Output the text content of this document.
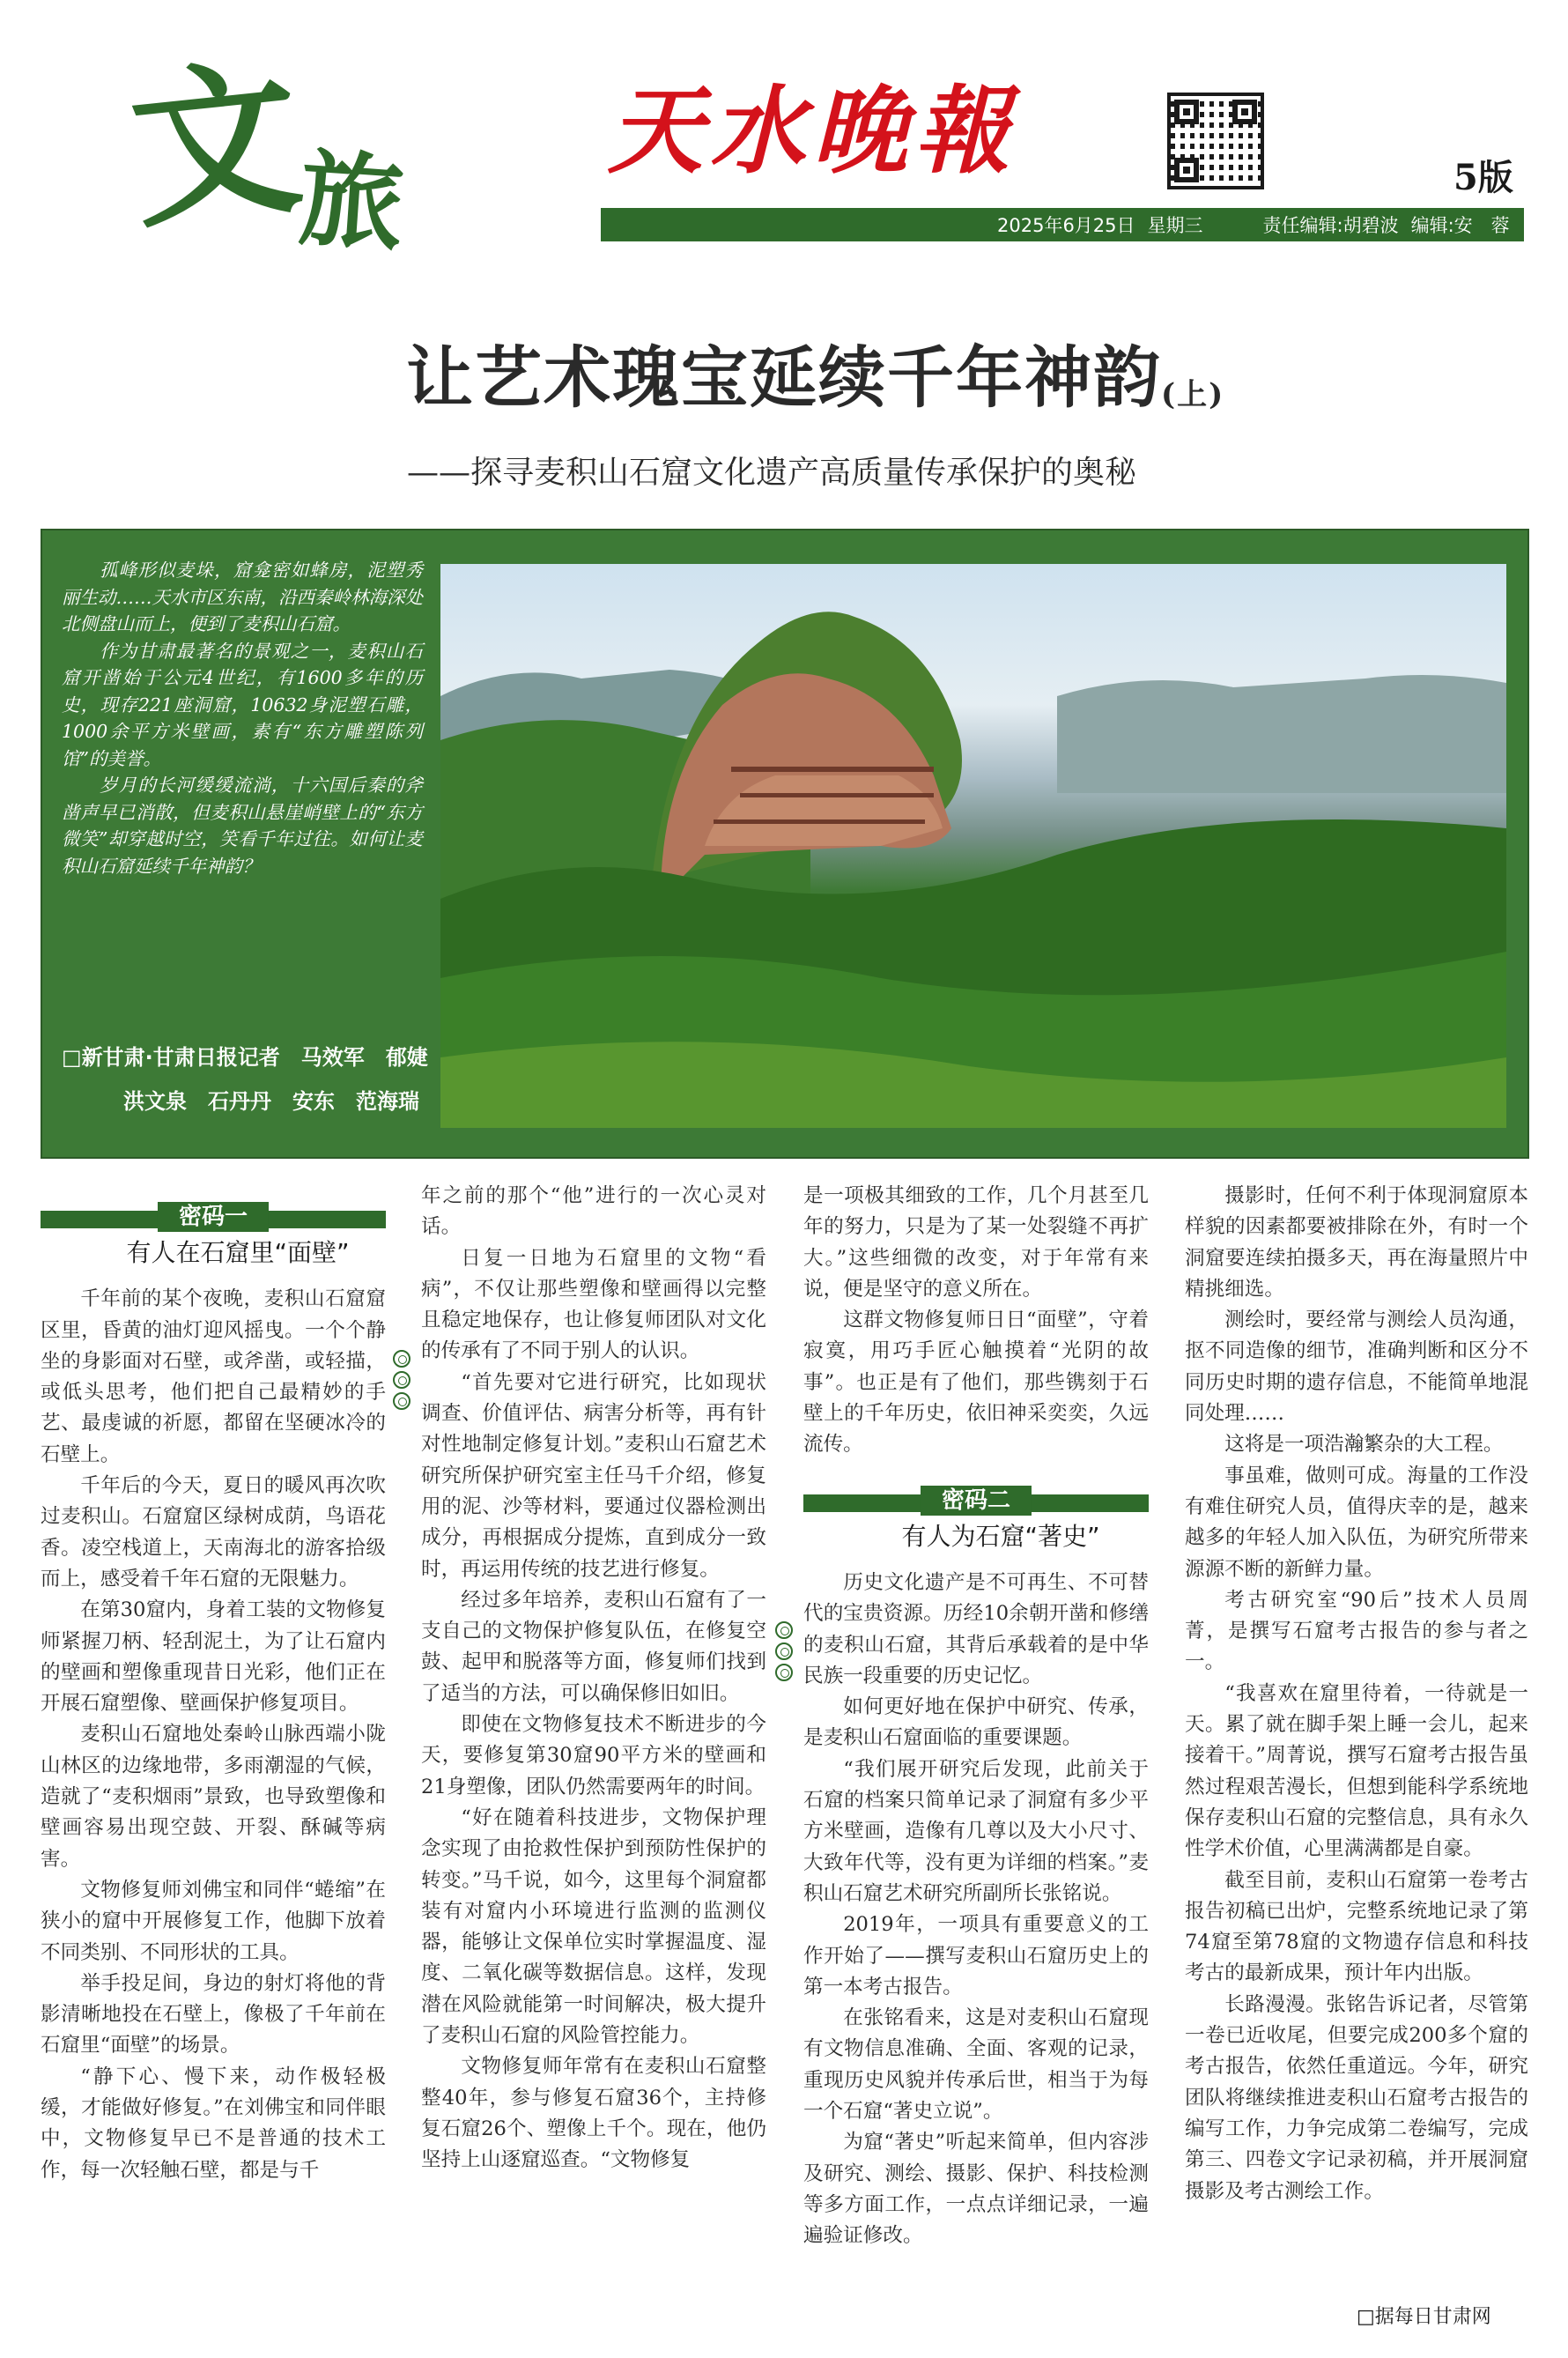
文
旅
天水晚報	5版
2025年6月25日 星期三	责任编辑:胡碧波 编辑:安　蓉
让艺术瑰宝延续千年神韵 (上)
——探寻麦积山石窟文化遗产高质量传承保护的奥秘

孤峰形似麦垛，窟龛密如蜂房，泥塑秀丽生动……天水市区东南，沿西秦岭林海深处北侧盘山而上，便到了麦积山石窟。

作为甘肃最著名的景观之一，麦积山石窟开凿始于公元4世纪，有1600多年的历史，现存221座洞窟，10632身泥塑石雕，1000余平方米壁画，素有“东方雕塑陈列馆”的美誉。

岁月的长河缓缓流淌，十六国后秦的斧凿声早已消散，但麦积山悬崖峭壁上的“东方微笑”却穿越时空，笑看千年过往。如何让麦积山石窟延续千年神韵？

□新甘肃·甘肃日报记者　马效军　郁婕
洪文泉　石丹丹　安东　范海瑞
密码一

有人在石窟里“面壁”

千年前的某个夜晚，麦积山石窟窟区里，昏黄的油灯迎风摇曳。一个个静坐的身影面对石壁，或斧凿，或轻描，或低头思考，他们把自己最精妙的手艺、最虔诚的祈愿，都留在坚硬冰冷的石壁上。

千年后的今天，夏日的暖风再次吹过麦积山。石窟窟区绿树成荫，鸟语花香。凌空栈道上，天南海北的游客拾级而上，感受着千年石窟的无限魅力。

在第30窟内，身着工装的文物修复师紧握刀柄、轻刮泥土，为了让石窟内的壁画和塑像重现昔日光彩，他们正在开展石窟塑像、壁画保护修复项目。

麦积山石窟地处秦岭山脉西端小陇山林区的边缘地带，多雨潮湿的气候，造就了“麦积烟雨”景致，也导致塑像和壁画容易出现空鼓、开裂、酥碱等病害。

文物修复师刘佛宝和同伴“蜷缩”在狭小的窟中开展修复工作，他脚下放着不同类别、不同形状的工具。

举手投足间，身边的射灯将他的背影清晰地投在石壁上，像极了千年前在石窟里“面壁”的场景。

“静下心、慢下来，动作极轻极缓，才能做好修复。”在刘佛宝和同伴眼中，文物修复早已不是普通的技术工作，每一次轻触石壁，都是与千

年之前的那个“他”进行的一次心灵对话。

日复一日地为石窟里的文物“看病”，不仅让那些塑像和壁画得以完整且稳定地保存，也让修复师团队对文化的传承有了不同于别人的认识。

“首先要对它进行研究，比如现状调查、价值评估、病害分析等，再有针对性地制定修复计划。”麦积山石窟艺术研究所保护研究室主任马千介绍，修复用的泥、沙等材料，要通过仪器检测出成分，再根据成分提炼，直到成分一致时，再运用传统的技艺进行修复。

经过多年培养，麦积山石窟有了一支自己的文物保护修复队伍，在修复空鼓、起甲和脱落等方面，修复师们找到了适当的方法，可以确保修旧如旧。

即使在文物修复技术不断进步的今天，要修复第30窟90平方米的壁画和21身塑像，团队仍然需要两年的时间。

“好在随着科技进步，文物保护理念实现了由抢救性保护到预防性保护的转变。”马千说，如今，这里每个洞窟都装有对窟内小环境进行监测的监测仪器，能够让文保单位实时掌握温度、湿度、二氧化碳等数据信息。这样，发现潜在风险就能第一时间解决，极大提升了麦积山石窟的风险管控能力。

文物修复师年常有在麦积山石窟整整40年，参与修复石窟36个，主持修复石窟26个、塑像上千个。现在，他仍坚持上山逐窟巡查。“文物修复

是一项极其细致的工作，几个月甚至几年的努力，只是为了某一处裂缝不再扩大。”这些细微的改变，对于年常有来说，便是坚守的意义所在。

这群文物修复师日日“面壁”，守着寂寞，用巧手匠心触摸着“光阴的故事”。也正是有了他们，那些镌刻于石壁上的千年历史，依旧神采奕奕，久远流传。

密码二

有人为石窟“著史”

历史文化遗产是不可再生、不可替代的宝贵资源。历经10余朝开凿和修缮的麦积山石窟，其背后承载着的是中华民族一段重要的历史记忆。

如何更好地在保护中研究、传承，是麦积山石窟面临的重要课题。

“我们展开研究后发现，此前关于石窟的档案只简单记录了洞窟有多少平方米壁画，造像有几尊以及大小尺寸、大致年代等，没有更为详细的档案。”麦积山石窟艺术研究所副所长张铭说。

2019年，一项具有重要意义的工作开始了——撰写麦积山石窟历史上的第一本考古报告。

在张铭看来，这是对麦积山石窟现有文物信息准确、全面、客观的记录，重现历史风貌并传承后世，相当于为每一个石窟“著史立说”。

为窟“著史”听起来简单，但内容涉及研究、测绘、摄影、保护、科技检测等多方面工作，一点点详细记录，一遍遍验证修改。

摄影时，任何不利于体现洞窟原本样貌的因素都要被排除在外，有时一个洞窟要连续拍摄多天，再在海量照片中精挑细选。

测绘时，要经常与测绘人员沟通，抠不同造像的细节，准确判断和区分不同历史时期的遗存信息，不能简单地混同处理……

这将是一项浩瀚繁杂的大工程。

事虽难，做则可成。海量的工作没有难住研究人员，值得庆幸的是，越来越多的年轻人加入队伍，为研究所带来源源不断的新鲜力量。

考古研究室“90后”技术人员周菁，是撰写石窟考古报告的参与者之一。

“我喜欢在窟里待着，一待就是一天。累了就在脚手架上睡一会儿，起来接着干。”周菁说，撰写石窟考古报告虽然过程艰苦漫长，但想到能科学系统地保存麦积山石窟的完整信息，具有永久性学术价值，心里满满都是自豪。

截至目前，麦积山石窟第一卷考古报告初稿已出炉，完整系统地记录了第74窟至第78窟的文物遗存信息和科技考古的最新成果，预计年内出版。

长路漫漫。张铭告诉记者，尽管第一卷已近收尾，但要完成200多个窟的考古报告，依然任重道远。今年，研究团队将继续推进麦积山石窟考古报告的编写工作，力争完成第二卷编写，完成第三、四卷文字记录初稿，并开展洞窟摄影及考古测绘工作。

□据每日甘肃网
